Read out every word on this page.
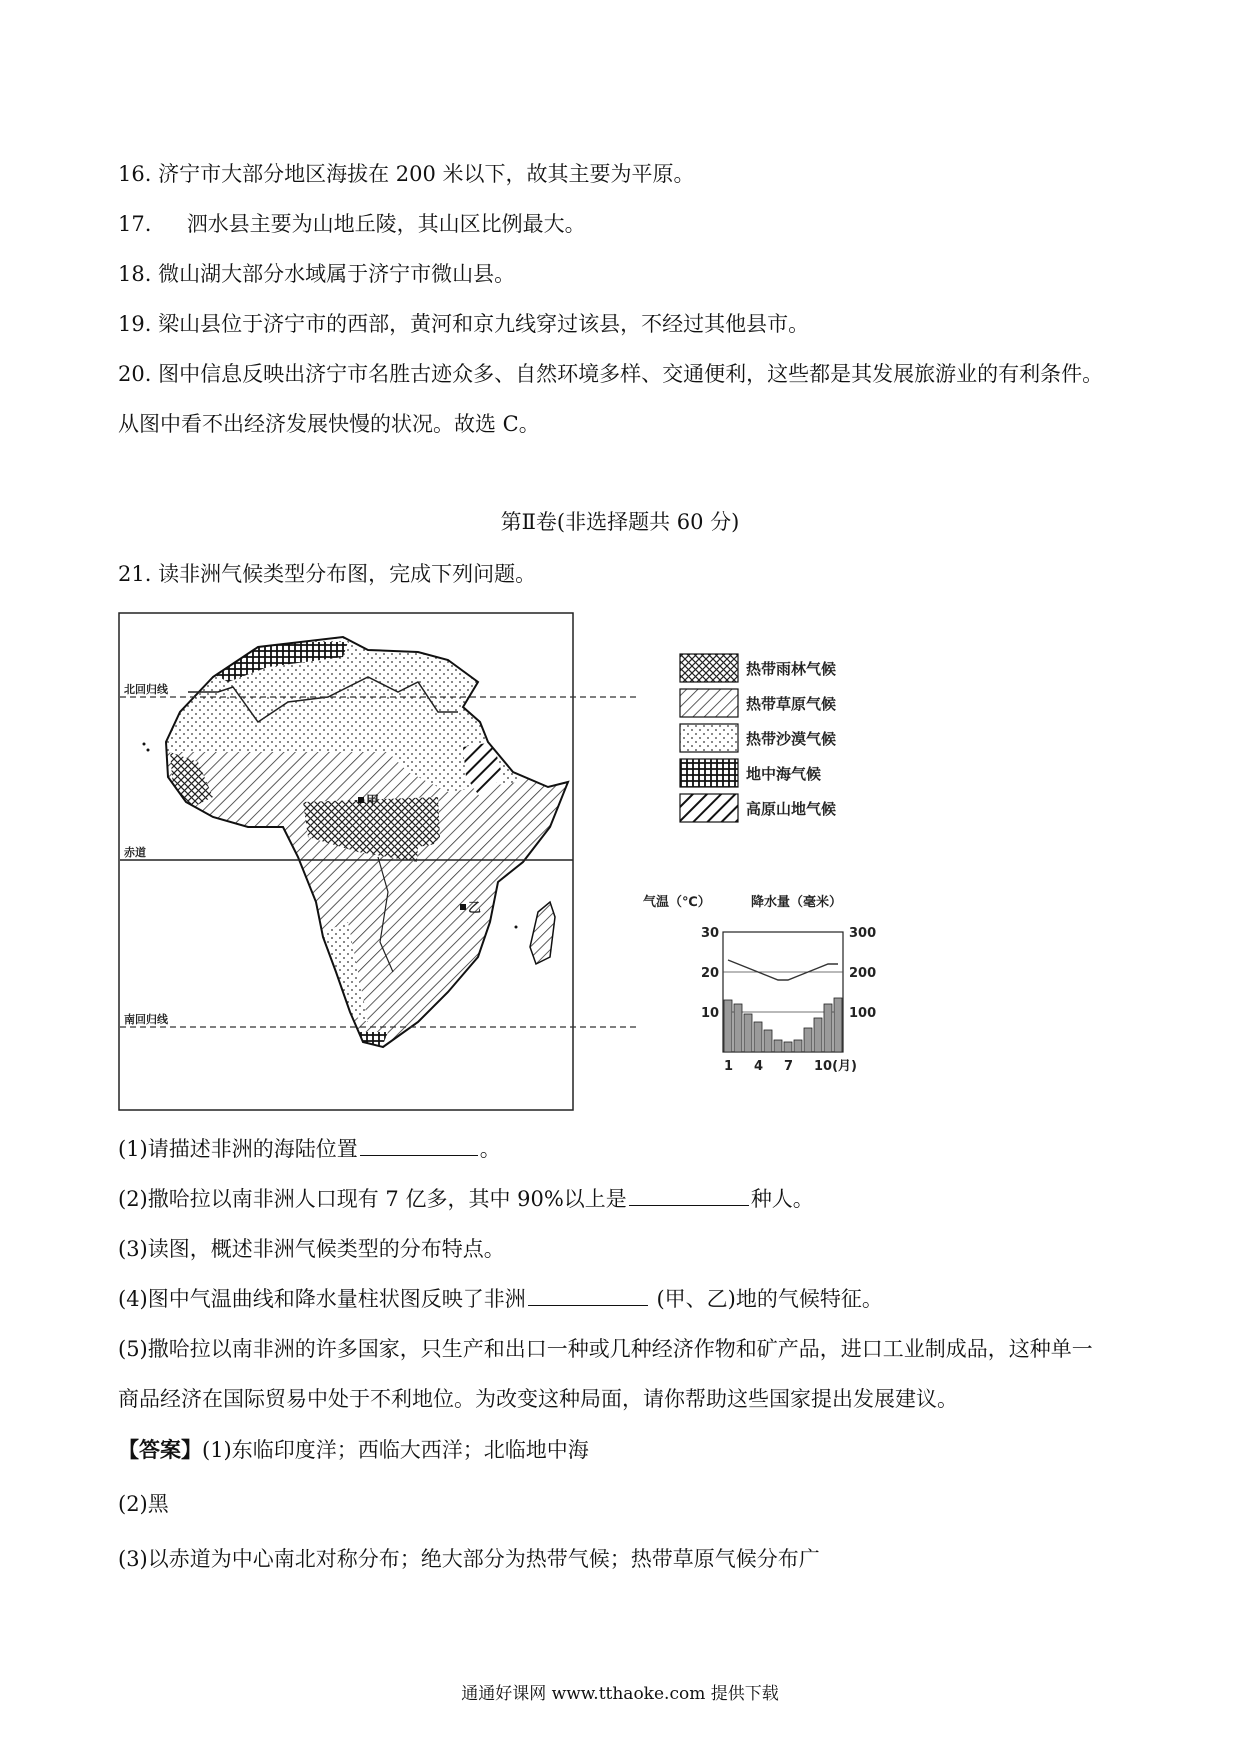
16. 济宁市大部分地区海拔在 200 米以下，故其主要为平原。
17. 泗水县主要为山地丘陵，其山区比例最大。
18. 微山湖大部分水域属于济宁市微山县。
19. 梁山县位于济宁市的西部，黄河和京九线穿过该县，不经过其他县市。
20. 图中信息反映出济宁市名胜古迹众多、自然环境多样、交通便利，这些都是其发展旅游业的有利条件。
从图中看不出经济发展快慢的状况。故选 C。
第Ⅱ卷(非选择题共 60 分)
21. 读非洲气候类型分布图，完成下列问题。
北回归线
赤道
南回归线
甲
乙
热带雨林气候
热带草原气候
热带沙漠气候
地中海气候
高原山地气候
气温（℃）	降水量（毫米）
30
20
10
300
200
100
1 4 7 10(月)
(1)请描述非洲的海陆位置	。
(2)撒哈拉以南非洲人口现有 7 亿多，其中 90%以上是	种人。
(3)读图，概述非洲气候类型的分布特点。
(4)图中气温曲线和降水量柱状图反映了非洲	(甲、乙)地的气候特征。
(5)撒哈拉以南非洲的许多国家，只生产和出口一种或几种经济作物和矿产品，进口工业制成品，这种单一
商品经济在国际贸易中处于不利地位。为改变这种局面，请你帮助这些国家提出发展建议。
【答案】(1)东临印度洋；西临大西洋；北临地中海
(2)黑
(3)以赤道为中心南北对称分布；绝大部分为热带气候；热带草原气候分布广
通通好课网 www.tthaoke.com 提供下载
